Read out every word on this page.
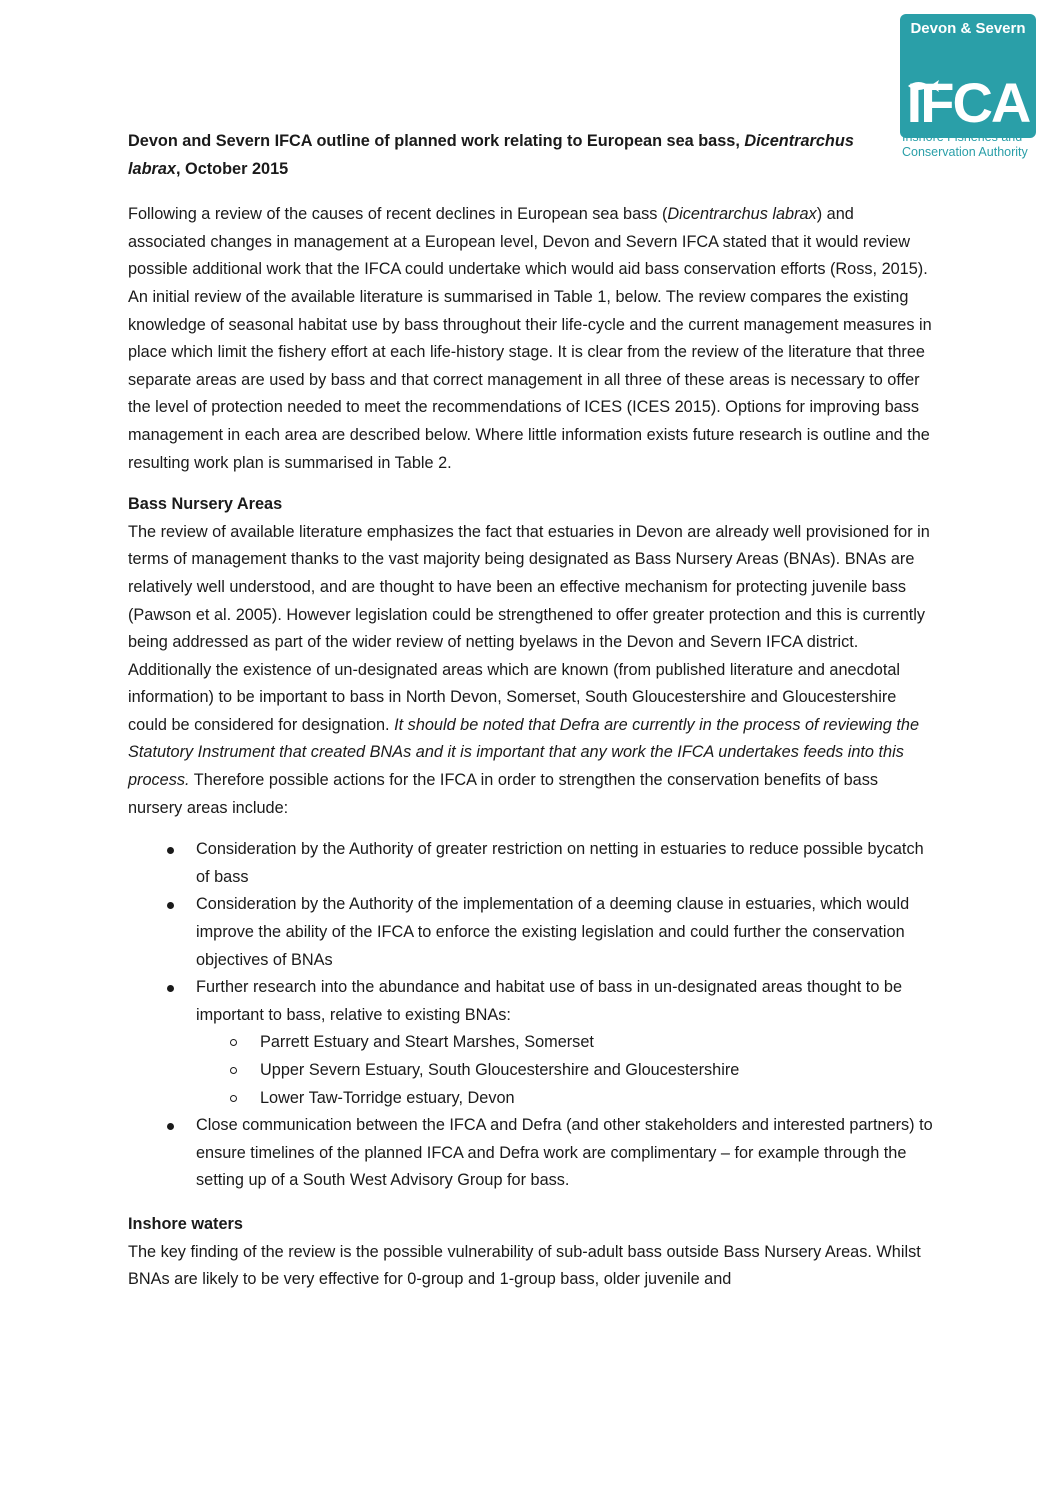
Devon & Severn
IFCA
Inshore Fisheries and
Conservation Authority
Devon and Severn IFCA outline of planned work relating to European sea bass, Dicentrarchus labrax, October 2015

Following a review of the causes of recent declines in European sea bass (Dicentrarchus labrax) and associated changes in management at a European level, Devon and Severn IFCA stated that it would review possible additional work that the IFCA could undertake which would aid bass conservation efforts (Ross, 2015). An initial review of the available literature is summarised in Table 1, below. The review compares the existing knowledge of seasonal habitat use by bass throughout their life-cycle and the current management measures in place which limit the fishery effort at each life-history stage. It is clear from the review of the literature that three separate areas are used by bass and that correct management in all three of these areas is necessary to offer the level of protection needed to meet the recommendations of ICES (ICES 2015). Options for improving bass management in each area are described below. Where little information exists future research is outline and the resulting work plan is summarised in Table 2.

Bass Nursery Areas

The review of available literature emphasizes the fact that estuaries in Devon are already well provisioned for in terms of management thanks to the vast majority being designated as Bass Nursery Areas (BNAs). BNAs are relatively well understood, and are thought to have been an effective mechanism for protecting juvenile bass (Pawson et al. 2005). However legislation could be strengthened to offer greater protection and this is currently being addressed as part of the wider review of netting byelaws in the Devon and Severn IFCA district. Additionally the existence of un-designated areas which are known (from published literature and anecdotal information) to be important to bass in North Devon, Somerset, South Gloucestershire and Gloucestershire could be considered for designation. It should be noted that Defra are currently in the process of reviewing the Statutory Instrument that created BNAs and it is important that any work the IFCA undertakes feeds into this process. Therefore possible actions for the IFCA in order to strengthen the conservation benefits of bass nursery areas include:

Consideration by the Authority of greater restriction on netting in estuaries to reduce possible bycatch of bass
Consideration by the Authority of the implementation of a deeming clause in estuaries, which would improve the ability of the IFCA to enforce the existing legislation and could further the conservation objectives of BNAs
Further research into the abundance and habitat use of bass in un-designated areas thought to be important to bass, relative to existing BNAs:
Parrett Estuary and Steart Marshes, Somerset
Upper Severn Estuary, South Gloucestershire and Gloucestershire
Lower Taw-Torridge estuary, Devon
Close communication between the IFCA and Defra (and other stakeholders and interested partners) to ensure timelines of the planned IFCA and Defra work are complimentary – for example through the setting up of a South West Advisory Group for bass.
Inshore waters

The key finding of the review is the possible vulnerability of sub-adult bass outside Bass Nursery Areas. Whilst BNAs are likely to be very effective for 0-group and 1-group bass, older juvenile and
